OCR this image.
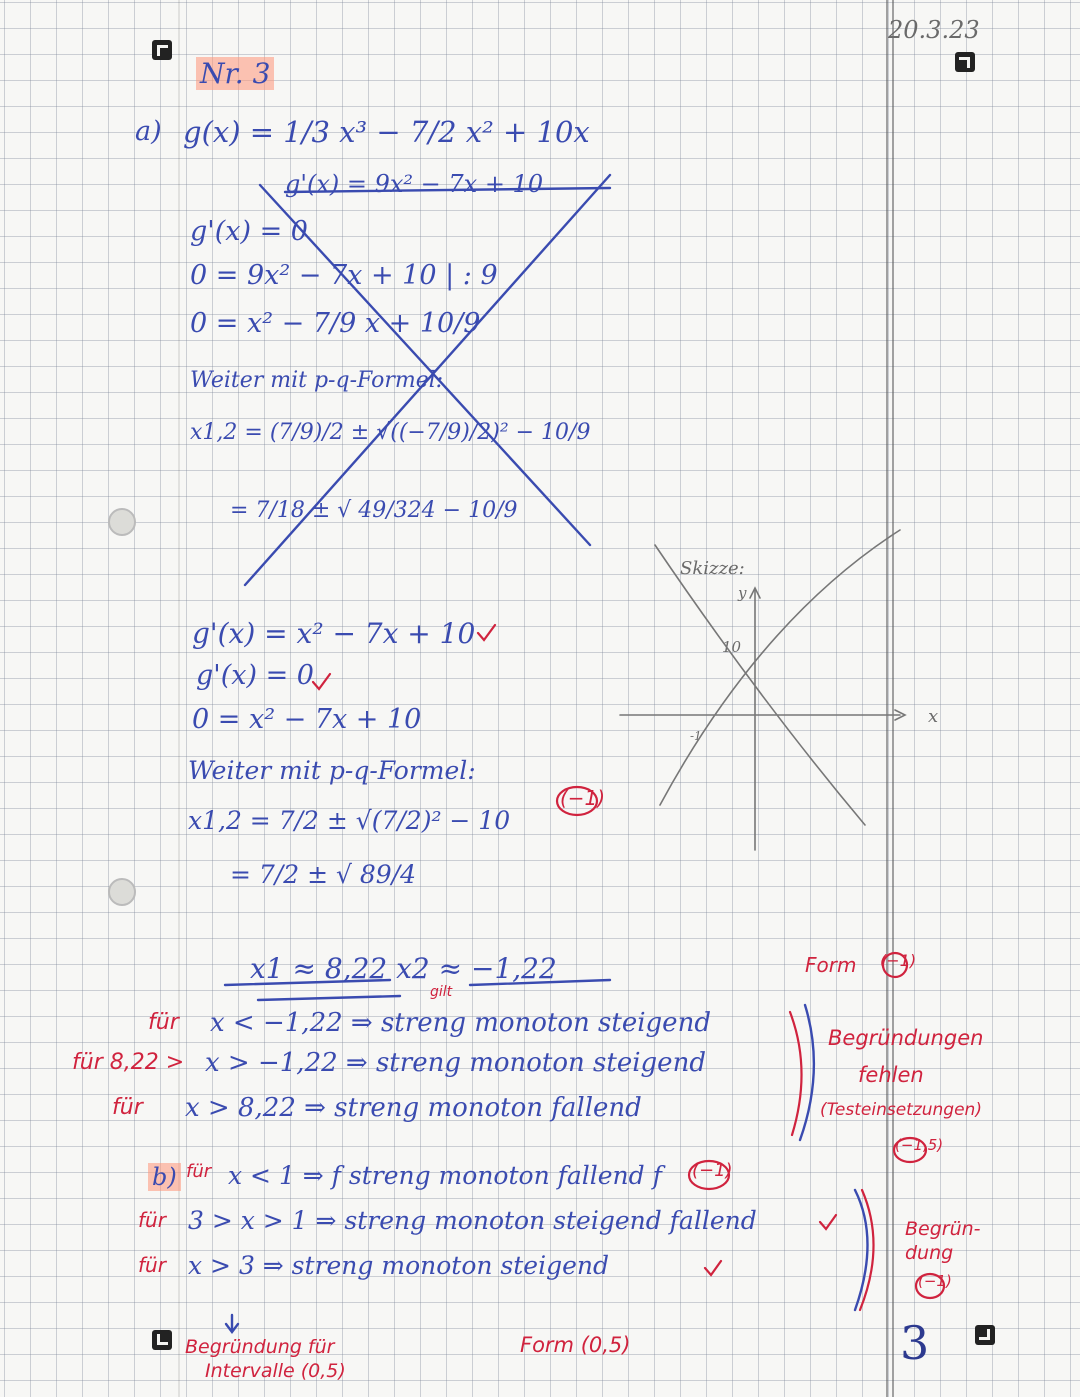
20.3.23
Nr. 3
a) g(x) = 1/3 x³ − 7/2 x² + 10x
g'(x) = 9x² − 7x + 10
g'(x) = 0
0 = 9x² − 7x + 10 | : 9
0 = x² − 7/9 x + 10/9
Weiter mit p-q-Formel:
x1,2 = (7/9)/2 ± √((−7/9)/2)² − 10/9
= 7/18 ± √ 49/324 − 10/9
g'(x) = x² − 7x + 10
g'(x) = 0
0 = x² − 7x + 10
Weiter mit p-q-Formel:
x1,2 = 7/2 ± √(7/2)² − 10
(−1)
= 7/2 ± √ 89/4
x1 ≈ 8,22 x2 ≈ −1,22
gilt
für x < −1,22 ⇒ streng monoton steigend
für 8,22 > x > −1,22 ⇒ streng monoton steigend
für x > 8,22 ⇒ streng monoton fallend
Form (−1)
Begründungen
fehlen
(Testeinsetzungen)
(−1,5)
Skizze:
y
10
x
-1
b) für x < 1 ⇒ f streng monoton fallend f (−1)
für 3 > x > 1 ⇒ streng monoton steigend fallend
für x > 3 ⇒ streng monoton steigend
Begrün-
dung
(−1)
Begründung für
Intervalle (0,5)
Form (0,5)	3
